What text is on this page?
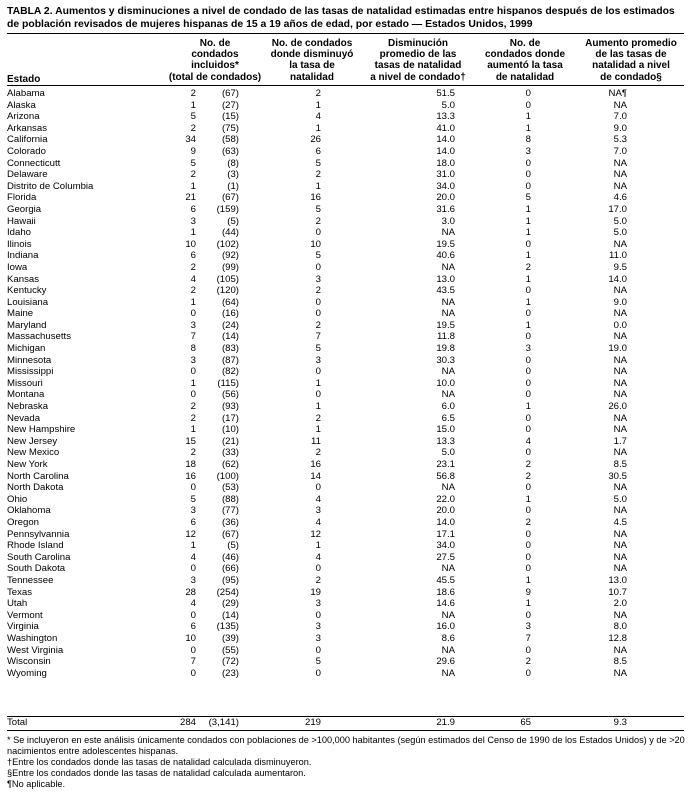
TABLA 2. Aumentos y disminuciones a nivel de condado de las tasas de natalidad estimadas entre hispanos después de los estimados de población revisados de mujeres hispanas de 15 a 19 años de edad, por estado — Estados Unidos, 1999
Estado
No. de
condados
incluidos*
(total de condados)
No. de condados
donde disminuyó
la tasa de
natalidad
Disminución
promedio de las
tasas de natalidad
a nivel de condado†
No. de
condados donde
aumentó la tasa
de natalidad
Aumento promedio
de las tasas de
natalidad a nivel
de condado§
Alabama	2	(67)	2	51.5	0	NA¶
Alaska	1	(27)	1	5.0	0	NA
Arizona	5	(15)	4	13.3	1	7.0
Arkansas	2	(75)	1	41.0	1	9.0
California	34	(58)	26	14.0	8	5.3
Colorado	9	(63)	6	14.0	3	7.0
Connecticutt	5	(8)	5	18.0	0	NA
Delaware	2	(3)	2	31.0	0	NA
Distrito de Columbia	1	(1)	1	34.0	0	NA
Florida	21	(67)	16	20.0	5	4.6
Georgia	6 (159)	5	31.6	1	17.0
Hawaii	3	(5)	2	3.0	1	5.0
Idaho	1	(44)	0	NA	1	5.0
Ilinois	10 (102)	10	19.5	0	NA
Indiana	6	(92)	5	40.6	1	11.0
Iowa	2	(99)	0	NA	2	9.5
Kansas	4 (105)	3	13.0	1	14.0
Kentucky	2 (120)	2	43.5	0	NA
Louisiana	1	(64)	0	NA	1	9.0
Maine	0	(16)	0	NA	0	NA
Maryland	3	(24)	2	19.5	1	0.0
Massachusetts	7	(14)	7	11.8	0	NA
Michigan	8	(83)	5	19.8	3	19.0
Minnesota	3	(87)	3	30.3	0	NA
Mississippi	0	(82)	0	NA	0	NA
Missouri	1 (115)	1	10.0	0	NA
Montana	0	(56)	0	NA	0	NA
Nebraska	2	(93)	1	6.0	1	26.0
Nevada	2	(17)	2	6.5	0	NA
New Hampshire	1	(10)	1	15.0	0	NA
New Jersey	15	(21)	11	13.3	4	1.7
New Mexico	2	(33)	2	5.0	0	NA
New York	18	(62)	16	23.1	2	8.5
North Carolina	16 (100)	14	56.8	2	30.5
North Dakota	0	(53)	0	NA	0	NA
Ohio	5	(88)	4	22.0	1	5.0
Oklahoma	3	(77)	3	20.0	0	NA
Oregon	6	(36)	4	14.0	2	4.5
Pennsylvannia	12	(67)	12	17.1	0	NA
Rhode Island	1	(5)	1	34.0	0	NA
South Carolina	4	(46)	4	27.5	0	NA
South Dakota	0	(66)	0	NA	0	NA
Tennessee	3	(95)	2	45.5	1	13.0
Texas	28 (254)	19	18.6	9	10.7
Utah	4	(29)	3	14.6	1	2.0
Vermont	0	(14)	0	NA	0	NA
Virginia	6 (135)	3	16.0	3	8.0
Washington	10	(39)	3	8.6	7	12.8
West Virginia	0	(55)	0	NA	0	NA
Wisconsin	7	(72)	5	29.6	2	8.5
Wyoming	0	(23)	0	NA	0	NA
Total	284 (3,141)	219	21.9	65	9.3
* Se incluyeron en este análisis únicamente condados con poblaciones de >100,000 habitantes (según estimados del Censo de 1990 de los Estados Unidos) y de >20 nacimientos entre adolescentes hispanas.
†Entre los condados donde las tasas de natalidad calculada disminuyeron.
§Entre los condados donde las tasas de natalidad calculada aumentaron.
¶No aplicable.
